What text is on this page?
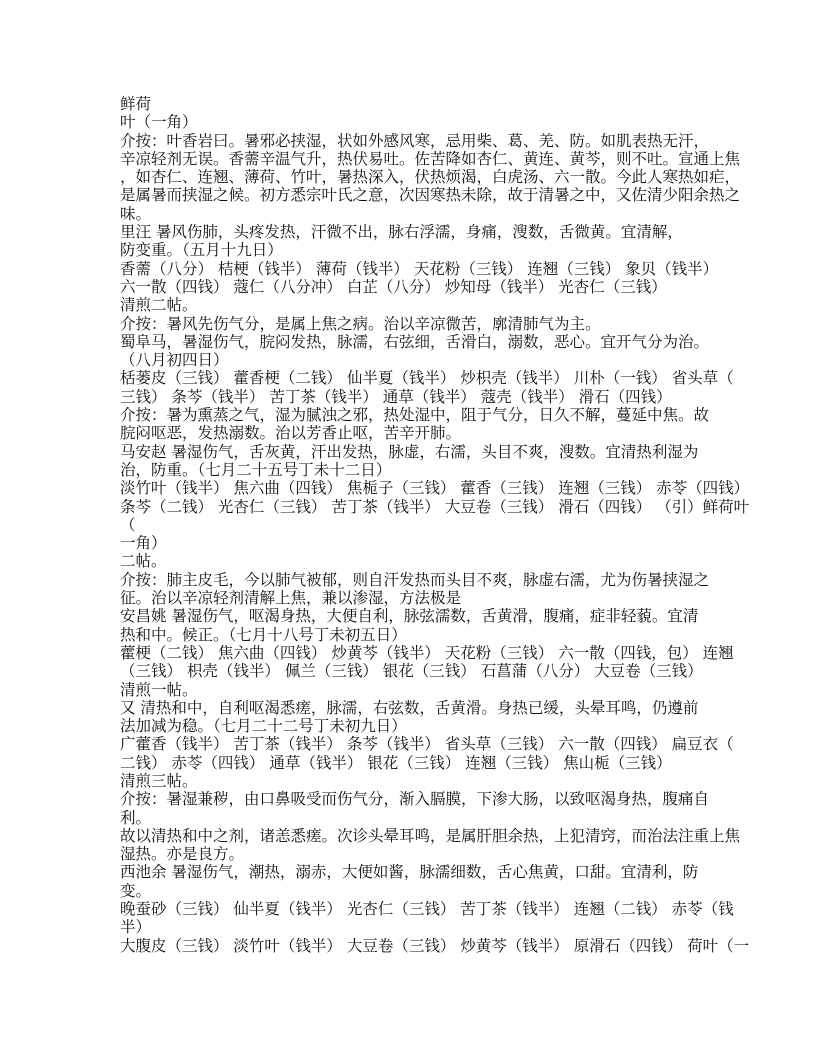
鲜荷
叶（一角）
介按：叶香岩曰。暑邪必挟湿，状如外感风寒，忌用柴、葛、羌、防。如肌表热无汗，
辛凉轻剂无误。香薷辛温气升，热伏易吐。佐苦降如杏仁、黄连、黄芩，则不吐。宣通上焦
，如杏仁、连翘、薄荷、竹叶，暑热深入，伏热烦渴，白虎汤、六一散。今此人寒热如疟，
是属暑而挟湿之候。初方悉宗叶氏之意，次因寒热未除，故于清暑之中，又佐清少阳余热之
味。
里汪 暑风伤肺，头疼发热，汗微不出，脉右浮濡，身痛，溲数，舌微黄。宜清解，
防变重。（五月十九日）
香薷（八分） 桔梗（钱半） 薄荷（钱半） 天花粉（三钱） 连翘（三钱） 象贝（钱半）
六一散（四钱） 蔻仁（八分冲） 白芷（八分） 炒知母（钱半） 光杏仁（三钱）
清煎二帖。
介按：暑风先伤气分，是属上焦之病。治以辛凉微苦，廓清肺气为主。
蜀阜马，暑湿伤气，脘闷发热，脉濡，右弦细，舌滑白，溺数，恶心。宜开气分为治。
（八月初四日）
栝蒌皮（三钱） 藿香梗（二钱） 仙半夏（钱半） 炒枳壳（钱半） 川朴（一钱） 省头草（
三钱） 条芩（钱半） 苦丁茶（钱半） 通草（钱半） 蔻壳（钱半） 滑石（四钱）
介按：暑为熏蒸之气，湿为腻浊之邪，热处湿中，阻于气分，日久不解，蔓延中焦。故
脘闷呕恶，发热溺数。治以芳香止呕，苦辛开肺。
马安赵 暑湿伤气，舌灰黄，汗出发热，脉虚，右濡，头目不爽，溲数。宜清热利湿为
治，防重。（七月二十五号丁未十二日）
淡竹叶（钱半） 焦六曲（四钱） 焦栀子（三钱） 藿香（三钱） 连翘（三钱） 赤苓（四钱）
条芩（二钱） 光杏仁（三钱） 苦丁茶（钱半） 大豆卷（三钱） 滑石（四钱） （引）鲜荷叶
（
一角）
二帖。
介按：肺主皮毛，今以肺气被郁，则自汗发热而头目不爽，脉虚右濡，尤为伤暑挟湿之
征。治以辛凉轻剂清解上焦，兼以渗湿，方法极是
安昌姚 暑湿伤气，呕渴身热，大便自利，脉弦濡数，舌黄滑，腹痛，症非轻藐。宜清
热和中。候正。（七月十八号丁未初五日）
藿梗（二钱） 焦六曲（四钱） 炒黄芩（钱半） 天花粉（三钱） 六一散（四钱，包） 连翘
（三钱） 枳壳（钱半） 佩兰（三钱） 银花（三钱） 石菖蒲（八分） 大豆卷（三钱）
清煎一帖。
又 清热和中，自利呕渴悉瘥，脉濡，右弦数，舌黄滑。身热已缓，头晕耳鸣，仍遵前
法加减为稳。（七月二十二号丁未初九日）
广藿香（钱半） 苦丁茶（钱半） 条芩（钱半） 省头草（三钱） 六一散（四钱） 扁豆衣（
二钱） 赤苓（四钱） 通草（钱半） 银花（三钱） 连翘（三钱） 焦山栀（三钱）
清煎三帖。
介按：暑湿兼秽，由口鼻吸受而伤气分，渐入膈膜，下渗大肠，以致呕渴身热，腹痛自
利。
故以清热和中之剂，诸恙悉瘥。次诊头晕耳鸣，是属肝胆余热，上犯清窍，而治法注重上焦
湿热。亦是良方。
西池余 暑湿伤气，潮热，溺赤，大便如酱，脉濡细数，舌心焦黄，口甜。宜清利，防
变。
晚蚕砂（三钱） 仙半夏（钱半） 光杏仁（三钱） 苦丁茶（钱半） 连翘（二钱） 赤苓（钱
半）
大腹皮（三钱） 淡竹叶（钱半） 大豆卷（三钱） 炒黄芩（钱半） 原滑石（四钱） 荷叶（一
